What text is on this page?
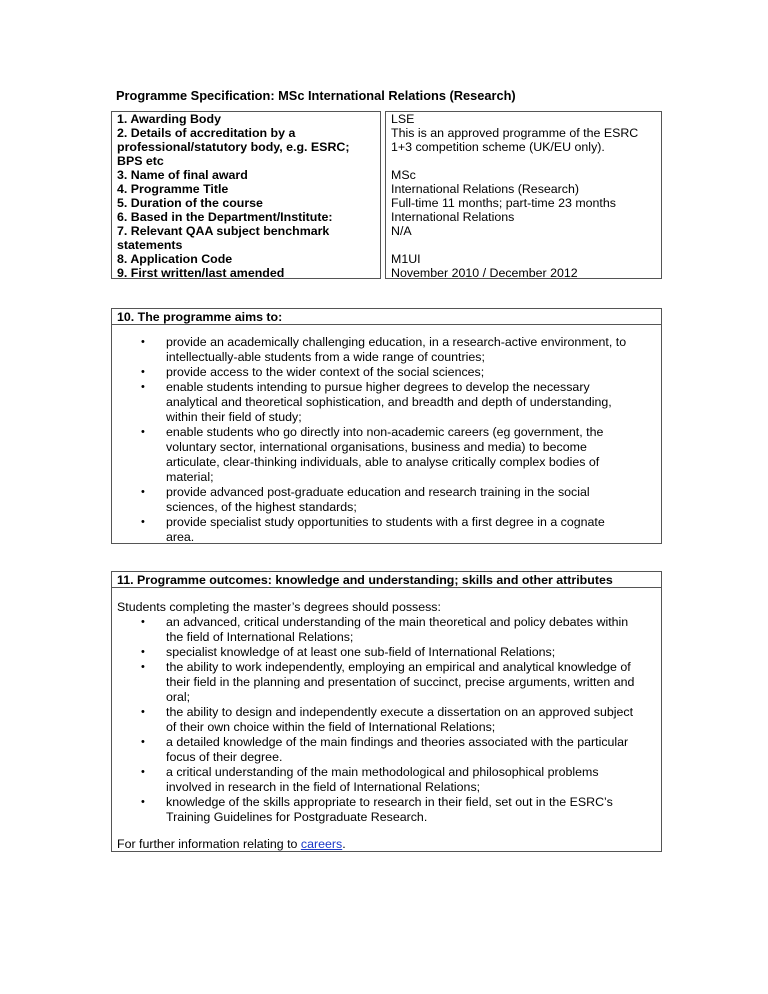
Programme Specification: MSc International Relations (Research)
1. Awarding Body
2. Details of accreditation by a
professional/statutory body, e.g. ESRC;
BPS etc
3. Name of final award
4. Programme Title
5. Duration of the course
6. Based in the Department/Institute:
7. Relevant QAA subject benchmark
statements
8. Application Code
9. First written/last amended
LSE
This is an approved programme of the ESRC
1+3 competition scheme (UK/EU only).
MSc
International Relations (Research)
Full-time 11 months; part-time 23 months
International Relations
N/A
M1UI
November 2010 / December 2012
10. The programme aims to:
• provide an academically challenging education, in a research-active environment, to
intellectually-able students from a wide range of countries;
• provide access to the wider context of the social sciences;
• enable students intending to pursue higher degrees to develop the necessary
analytical and theoretical sophistication, and breadth and depth of understanding,
within their field of study;
• enable students who go directly into non-academic careers (eg government, the
voluntary sector, international organisations, business and media) to become
articulate, clear-thinking individuals, able to analyse critically complex bodies of
material;
• provide advanced post-graduate education and research training in the social
sciences, of the highest standards;
• provide specialist study opportunities to students with a first degree in a cognate
area.
11. Programme outcomes: knowledge and understanding; skills and other attributes
Students completing the master’s degrees should possess:
• an advanced, critical understanding of the main theoretical and policy debates within
the field of International Relations;
• specialist knowledge of at least one sub-field of International Relations;
• the ability to work independently, employing an empirical and analytical knowledge of
their field in the planning and presentation of succinct, precise arguments, written and
oral;
• the ability to design and independently execute a dissertation on an approved subject
of their own choice within the field of International Relations;
• a detailed knowledge of the main findings and theories associated with the particular
focus of their degree.
• a critical understanding of the main methodological and philosophical problems
involved in research in the field of International Relations;
• knowledge of the skills appropriate to research in their field, set out in the ESRC’s
Training Guidelines for Postgraduate Research.
For further information relating to careers.
